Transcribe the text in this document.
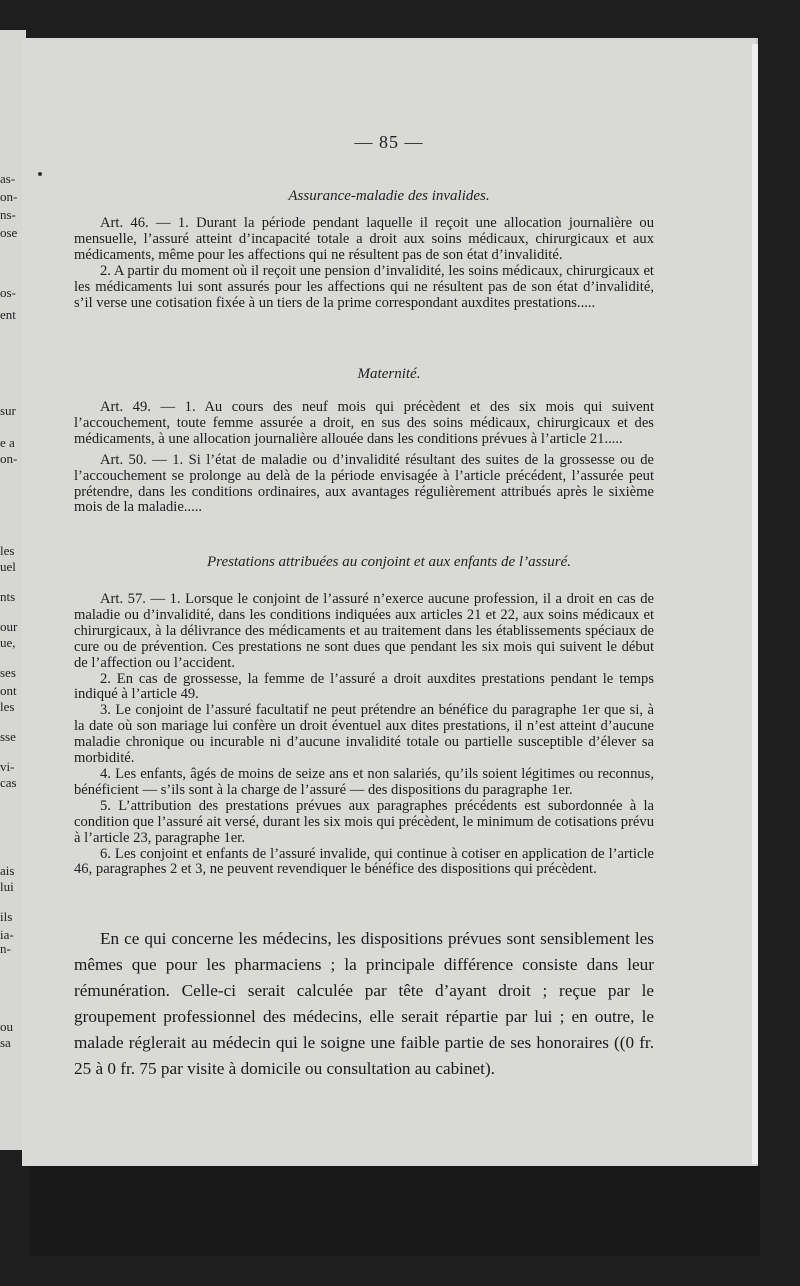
as-
on-
ns-
ose
os-
ent
sur
e a
on-
les
uel
nts
our
ue,
ses
ont
les
sse
vi-
cas
ais
lui
ils
ia-
n-
ou
sa
— 85 —
Assurance-maladie des invalides.

Art. 46. — 1. Durant la période pendant laquelle il reçoit une allocation journalière ou mensuelle, l’assuré atteint d’incapacité totale a droit aux soins médicaux, chirurgicaux et aux médicaments, même pour les affections qui ne résultent pas de son état d’invalidité.

2. A partir du moment où il reçoit une pension d’invalidité, les soins médicaux, chirurgicaux et les médicaments lui sont assurés pour les affections qui ne résultent pas de son état d’invalidité, s’il verse une cotisation fixée à un tiers de la prime correspondant auxdites prestations.....

Maternité.

Art. 49. — 1. Au cours des neuf mois qui précèdent et des six mois qui suivent l’accouchement, toute femme assurée a droit, en sus des soins médicaux, chirurgicaux et des médicaments, à une allocation journalière allouée dans les conditions prévues à l’article 21.....

Art. 50. — 1. Si l’état de maladie ou d’invalidité résultant des suites de la grossesse ou de l’accouchement se prolonge au delà de la période envisagée à l’article précédent, l’assurée peut prétendre, dans les conditions ordinaires, aux avantages régulièrement attribués après le sixième mois de la maladie.....

Prestations attribuées au conjoint et aux enfants de l’assuré.

Art. 57. — 1. Lorsque le conjoint de l’assuré n’exerce aucune profession, il a droit en cas de maladie ou d’invalidité, dans les conditions indiquées aux articles 21 et 22, aux soins médicaux et chirurgicaux, à la délivrance des médicaments et au traitement dans les établissements spéciaux de cure ou de prévention. Ces prestations ne sont dues que pendant les six mois qui suivent le début de l’affection ou l’accident.

2. En cas de grossesse, la femme de l’assuré a droit auxdites prestations pendant le temps indiqué à l’article 49.

3. Le conjoint de l’assuré facultatif ne peut prétendre an bénéfice du paragraphe 1er que si, à la date où son mariage lui confère un droit éventuel aux dites prestations, il n’est atteint d’aucune maladie chronique ou incurable ni d’aucune invalidité totale ou partielle susceptible d’élever sa morbidité.

4. Les enfants, âgés de moins de seize ans et non salariés, qu’ils soient légitimes ou reconnus, bénéficient — s’ils sont à la charge de l’assuré — des dispositions du paragraphe 1er.

5. L’attribution des prestations prévues aux paragraphes précédents est subordonnée à la condition que l’assuré ait versé, durant les six mois qui précèdent, le minimum de cotisations prévu à l’article 23, paragraphe 1er.

6. Les conjoint et enfants de l’assuré invalide, qui continue à cotiser en application de l’article 46, paragraphes 2 et 3, ne peuvent revendiquer le bénéfice des dispositions qui précèdent.

En ce qui concerne les médecins, les dispositions prévues sont sensiblement les mêmes que pour les pharmaciens ; la principale différence consiste dans leur rémunération. Celle-ci serait calculée par tête d’ayant droit ; reçue par le groupement professionnel des médecins, elle serait répartie par lui ; en outre, le malade réglerait au médecin qui le soigne une faible partie de ses honoraires ((0 fr. 25 à 0 fr. 75 par visite à domicile ou consultation au cabinet).
